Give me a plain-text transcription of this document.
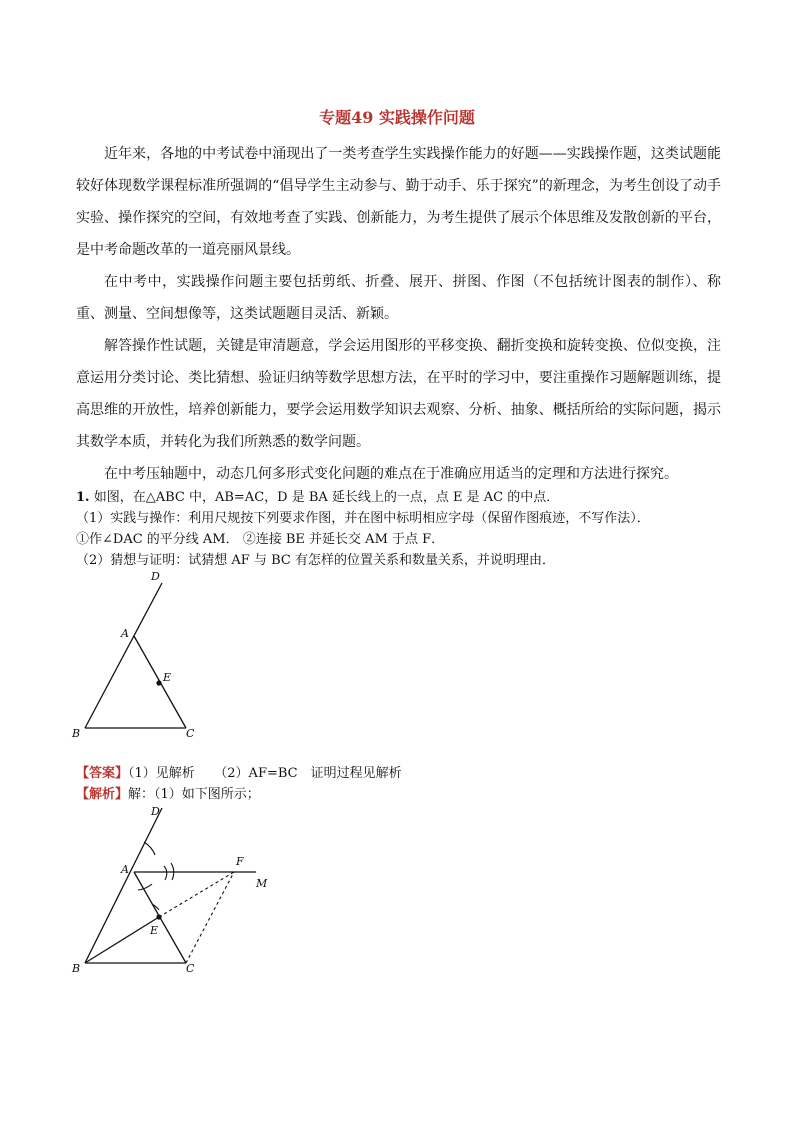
专题49 实践操作问题

近年来，各地的中考试卷中涌现出了一类考查学生实践操作能力的好题——实践操作题，这类试题能较好体现数学课程标准所强调的“倡导学生主动参与、勤于动手、乐于探究”的新理念，为考生创设了动手实验、操作探究的空间，有效地考查了实践、创新能力，为考生提供了展示个体思维及发散创新的平台，是中考命题改革的一道亮丽风景线。

在中考中，实践操作问题主要包括剪纸、折叠、展开、拼图、作图（不包括统计图表的制作）、称重、测量、空间想像等，这类试题题目灵活、新颖。

解答操作性试题，关键是审清题意，学会运用图形的平移变换、翻折变换和旋转变换、位似变换，注意运用分类讨论、类比猜想、验证归纳等数学思想方法，在平时的学习中，要注重操作习题解题训练，提高思维的开放性，培养创新能力，要学会运用数学知识去观察、分析、抽象、概括所给的实际问题，揭示其数学本质，并转化为我们所熟悉的数学问题。

在中考压轴题中，动态几何多形式变化问题的难点在于准确应用适当的定理和方法进行探究。

1. 如图，在△ABC 中，AB=AC，D 是 BA 延长线上的一点，点 E 是 AC 的中点．
（1）实践与操作：利用尺规按下列要求作图，并在图中标明相应字母（保留作图痕迹，不写作法）．
①作∠DAC 的平分线 AM． ②连接 BE 并延长交 AM 于点 F．
（2）猜想与证明：试猜想 AF 与 BC 有怎样的位置关系和数量关系，并说明理由．
D
A
E
B	C
【答案】（1）见解析　　（2）AF=BC　证明过程见解析
【解析】解：（1）如下图所示；
D
A
F
M
E
B	C
